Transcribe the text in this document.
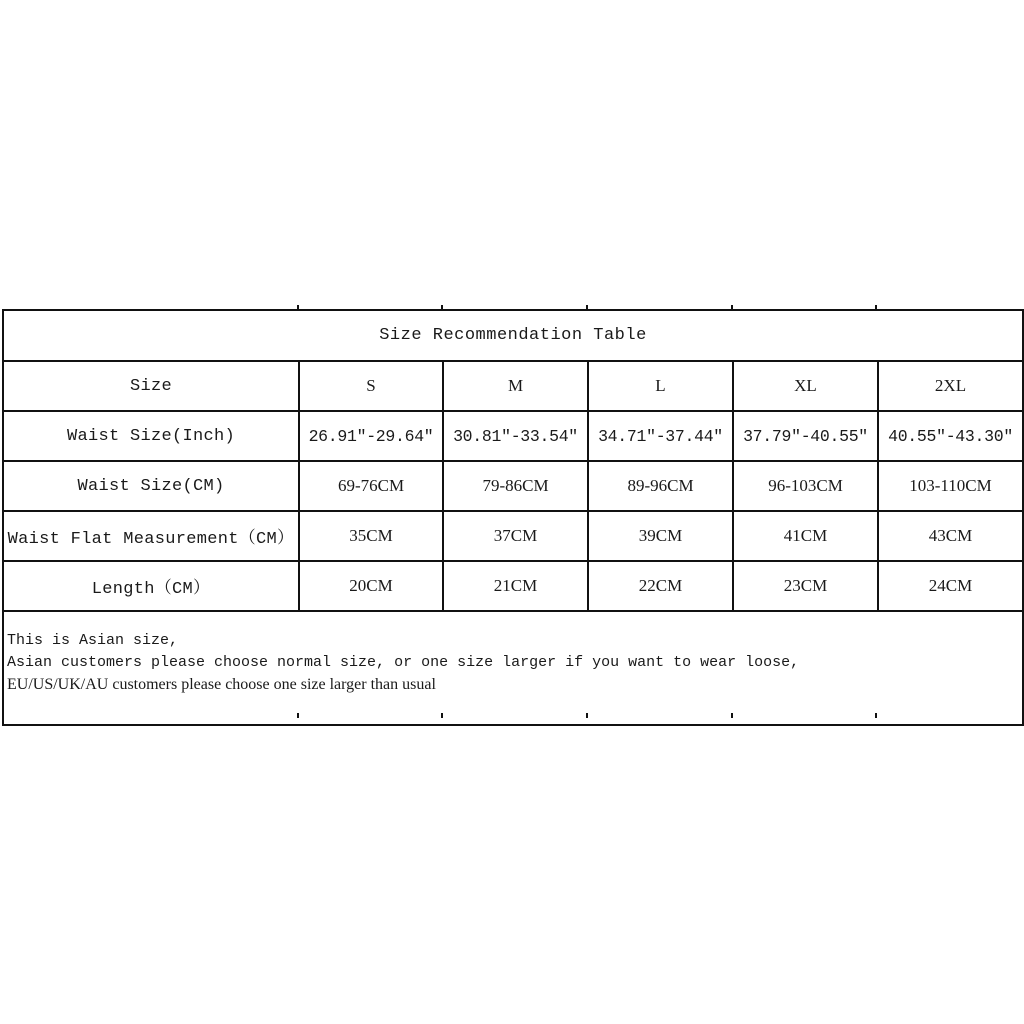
Size Recommendation Table					
Size	S	M	L	XL	2XL
Waist Size(Inch)	26.91″-29.64″	30.81″-33.54″	34.71″-37.44″	37.79″-40.55″	40.55″-43.30″
Waist Size(CM)	69-76CM	79-86CM	89-96CM	96-103CM	103-110CM
Waist Flat Measurement（CM）	35CM	37CM	39CM	41CM	43CM
Length（CM）	20CM	21CM	22CM	23CM	24CM

This is Asian size,
Asian customers please choose normal size, or one size larger if you want to wear loose,
EU/US/UK/AU customers please choose one size larger than usual					
